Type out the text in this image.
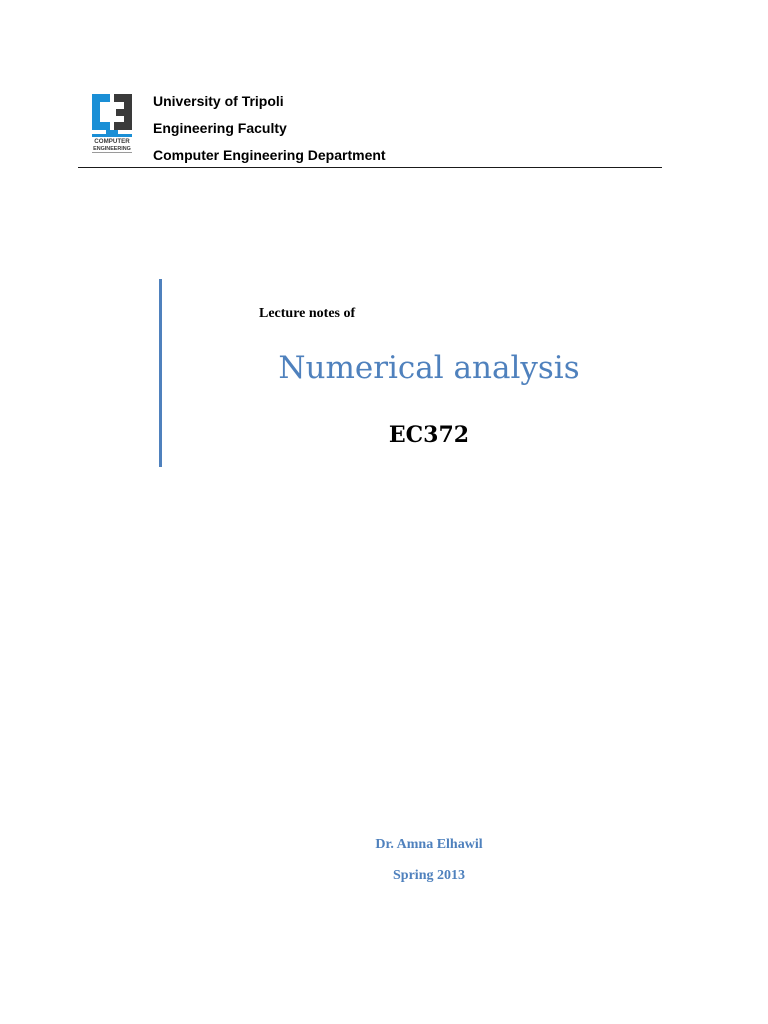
COMPUTER
ENGINEERING
University of Tripoli
Engineering Faculty
Computer Engineering Department
Lecture notes of
Numerical analysis
EC372
Dr. Amna Elhawil
Spring 2013
